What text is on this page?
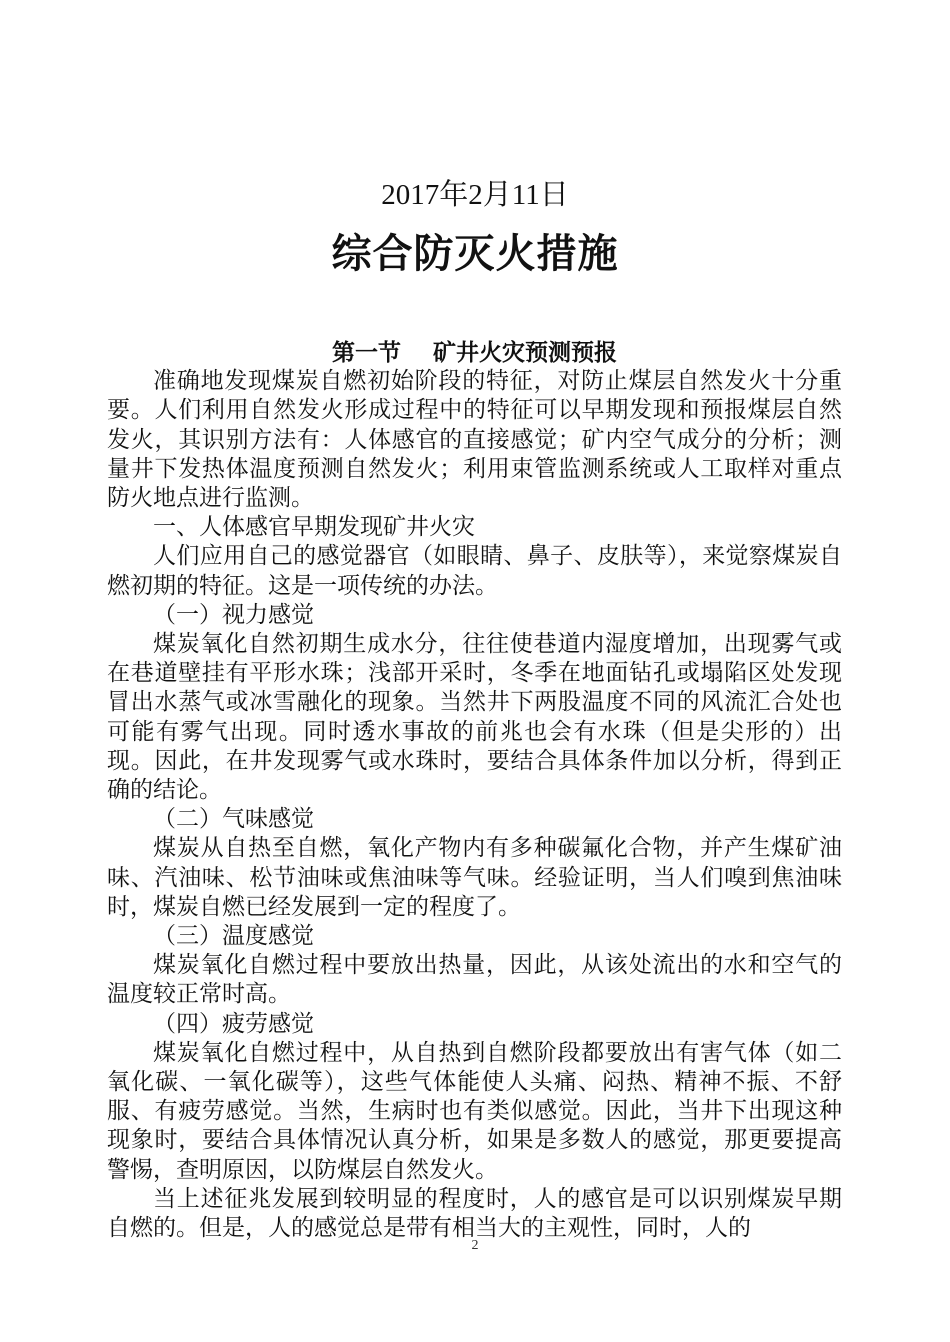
2017年2月11日
综合防灭火措施
第一节    矿井火灾预测预报

准确地发现煤炭自燃初始阶段的特征，对防止煤层自然发火十分重要。人们利用自然发火形成过程中的特征可以早期发现和预报煤层自然发火，其识别方法有：人体感官的直接感觉；矿内空气成分的分析；测量井下发热体温度预测自然发火；利用束管监测系统或人工取样对重点防火地点进行监测。

一、人体感官早期发现矿井火灾

人们应用自己的感觉器官（如眼睛、鼻子、皮肤等），来觉察煤炭自燃初期的特征。这是一项传统的办法。

（一）视力感觉

煤炭氧化自然初期生成水分，往往使巷道内湿度增加，出现雾气或在巷道壁挂有平形水珠；浅部开采时，冬季在地面钻孔或塌陷区处发现冒出水蒸气或冰雪融化的现象。当然井下两股温度不同的风流汇合处也可能有雾气出现。同时透水事故的前兆也会有水珠（但是尖形的）出现。因此，在井发现雾气或水珠时，要结合具体条件加以分析，得到正确的结论。

（二）气味感觉

煤炭从自热至自燃，氧化产物内有多种碳氟化合物，并产生煤矿油味、汽油味、松节油味或焦油味等气味。经验证明，当人们嗅到焦油味时，煤炭自燃已经发展到一定的程度了。

（三）温度感觉

煤炭氧化自燃过程中要放出热量，因此，从该处流出的水和空气的温度较正常时高。

（四）疲劳感觉

煤炭氧化自燃过程中，从自热到自燃阶段都要放出有害气体（如二氧化碳、一氧化碳等），这些气体能使人头痛、闷热、精神不振、不舒服、有疲劳感觉。当然，生病时也有类似感觉。因此，当井下出现这种现象时，要结合具体情况认真分析，如果是多数人的感觉，那更要提高警惕，查明原因，以防煤层自然发火。

当上述征兆发展到较明显的程度时，人的感官是可以识别煤炭早期自燃的。但是，人的感觉总是带有相当大的主观性，同时，人的

2
